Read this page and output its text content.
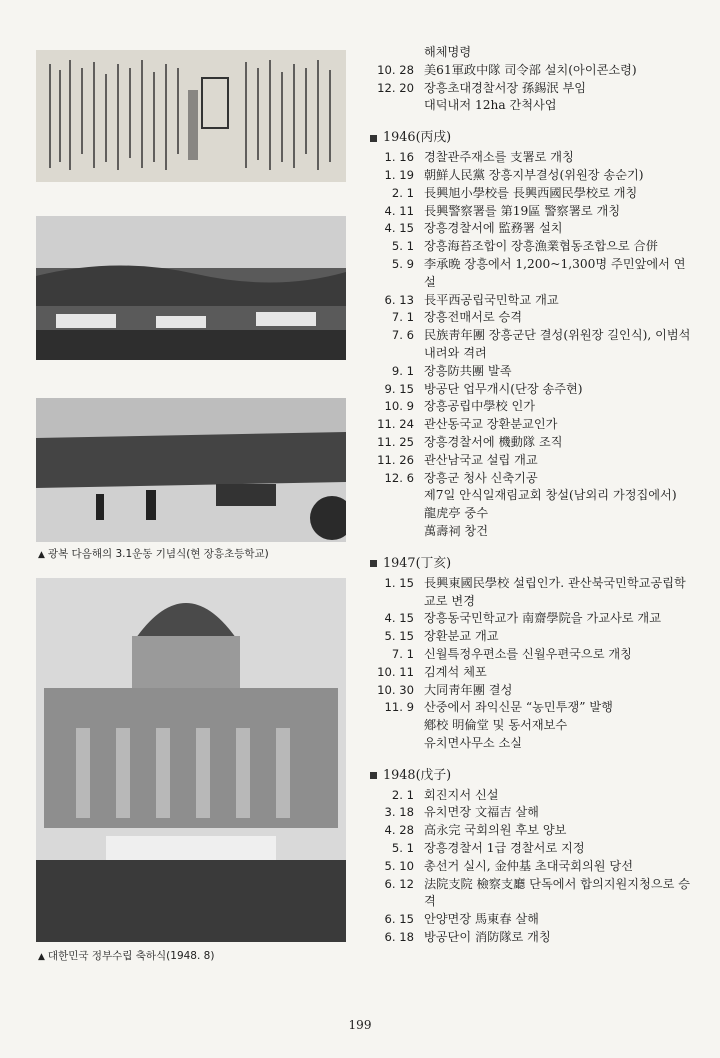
▲ 광복 다음해의 3.1운동 기념식(현 장흥초등학교)
▲ 대한민국 정부수립 축하식(1948. 8)
해체명령
10. 28 美61軍政中隊 司令部 설치(아이콘소령)
12. 20 장흥초대경찰서장 孫錫泯 부임
대덕내저 12ha 간척사업
1946(丙戌)
1. 16 경찰관주재소를 支署로 개칭
1. 19 朝鮮人民黨 장흥지부결성(위원장 송순기)
2. 1 長興旭小學校를 長興西國民學校로 개칭
4. 11 長興警察署를 第19區 警察署로 개칭
4. 15 장흥경찰서에 監務署 설치
5. 1 장흥海苔조합이 장흥漁業협동조합으로 合併
5. 9 李承晩 장흥에서 1,200~1,300명 주민앞에서 연설
6. 13 長平西공립국민학교 개교
7. 1 장흥전매서로 승격
7. 6 民族靑年團 장흥군단 결성(위원장 길인식), 이범석 내려와 격려
9. 1 장흥防共團 발족
9. 15 방공단 업무개시(단장 송주현)
10. 9 장흥공립中學校 인가
11. 24 관산동국교 장환분교인가
11. 25 장흥경찰서에 機動隊 조직
11. 26 관산남국교 설립 개교
12. 6 장흥군 청사 신축기공
제7일 안식일재림교회 창설(남외리 가정집에서)
龍虎亭 중수
萬壽祠 창건
1947(丁亥)
1. 15 長興東國民學校 설립인가. 관산북국민학교공립학교로 변경
4. 15 장흥동국민학교가 南齋學院을 가교사로 개교
5. 15 장환분교 개교
7. 1 신월특정우편소를 신월우편국으로 개칭
10. 11 김계석 체포
10. 30 大同靑年團 결성
11. 9 산중에서 좌익신문 “농민투쟁” 발행
鄕校 明倫堂 및 동서재보수
유치면사무소 소실
1948(戊子)
2. 1 회진지서 신설
3. 18 유치면장 文福吉 살해
4. 28 高永完 국회의원 후보 양보
5. 1 장흥경찰서 1급 경찰서로 지정
5. 10 총선거 실시, 金仲基 초대국회의원 당선
6. 12 法院支院 檢察支廳 단독에서 합의지원지청으로 승격
6. 15 안양면장 馬東春 살해
6. 18 방공단이 消防隊로 개칭
199
